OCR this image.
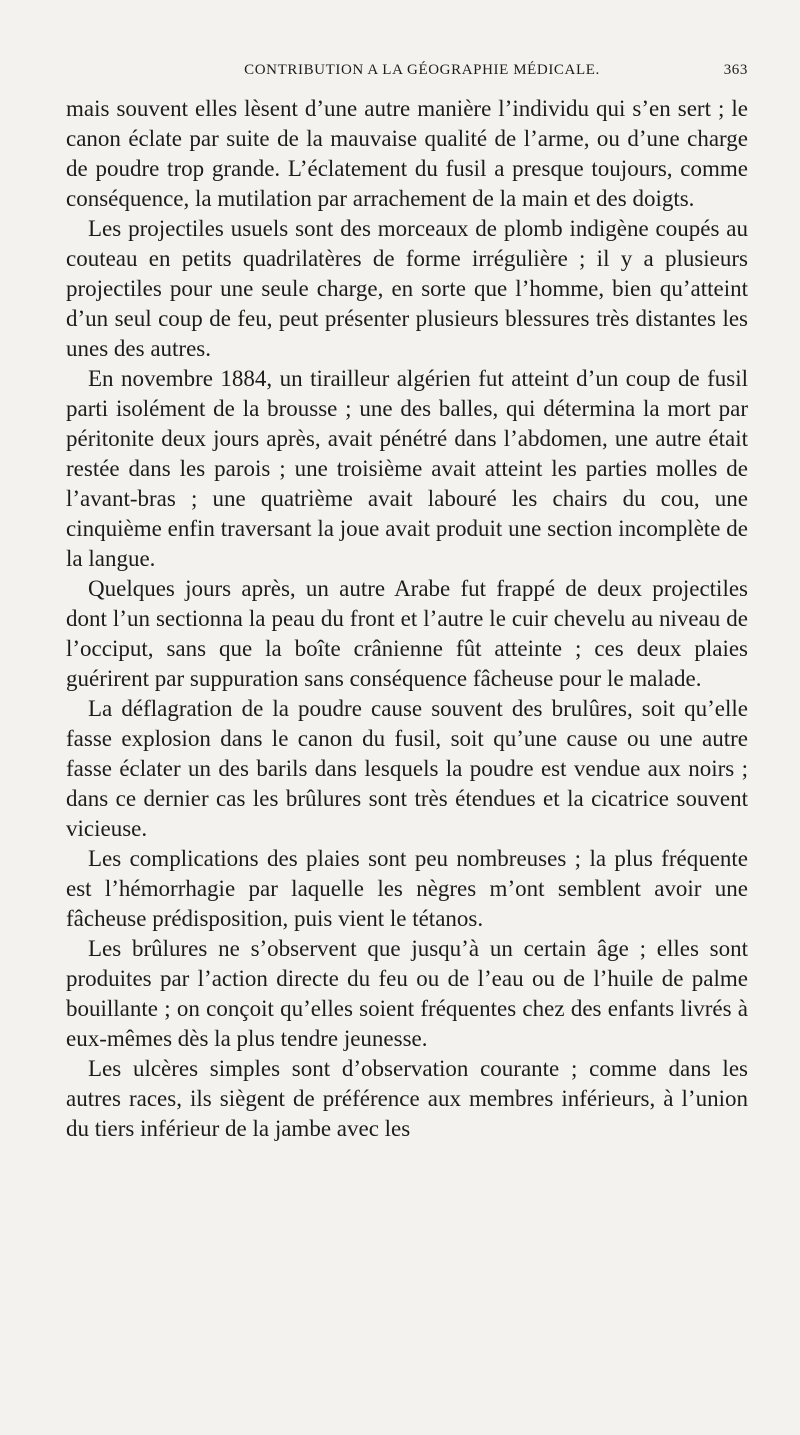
CONTRIBUTION A LA GÉOGRAPHIE MÉDICALE.	363

mais souvent elles lèsent d’une autre manière l’individu qui s’en sert ; le canon éclate par suite de la mauvaise qualité de l’arme, ou d’une charge de poudre trop grande. L’éclatement du fusil a presque toujours, comme conséquence, la mutilation par arrachement de la main et des doigts.

Les projectiles usuels sont des morceaux de plomb indigène coupés au couteau en petits quadrilatères de forme irrégulière ; il y a plusieurs projectiles pour une seule charge, en sorte que l’homme, bien qu’atteint d’un seul coup de feu, peut présenter plusieurs blessures très distantes les unes des autres.

En novembre 1884, un tirailleur algérien fut atteint d’un coup de fusil parti isolément de la brousse ; une des balles, qui détermina la mort par péritonite deux jours après, avait pénétré dans l’abdomen, une autre était restée dans les parois ; une troisième avait atteint les parties molles de l’avant-bras ; une quatrième avait labouré les chairs du cou, une cinquième enfin traversant la joue avait produit une section incomplète de la langue.

Quelques jours après, un autre Arabe fut frappé de deux projectiles dont l’un sectionna la peau du front et l’autre le cuir chevelu au niveau de l’occiput, sans que la boîte crânienne fût atteinte ; ces deux plaies guérirent par suppuration sans conséquence fâcheuse pour le malade.

La déflagration de la poudre cause souvent des brulûres, soit qu’elle fasse explosion dans le canon du fusil, soit qu’une cause ou une autre fasse éclater un des barils dans lesquels la poudre est vendue aux noirs ; dans ce dernier cas les brûlures sont très étendues et la cicatrice souvent vicieuse.

Les complications des plaies sont peu nombreuses ; la plus fréquente est l’hémorrhagie par laquelle les nègres m’ont semblent avoir une fâcheuse prédisposition, puis vient le tétanos.

Les brûlures ne s’observent que jusqu’à un certain âge ; elles sont produites par l’action directe du feu ou de l’eau ou de l’huile de palme bouillante ; on conçoit qu’elles soient fréquentes chez des enfants livrés à eux-mêmes dès la plus tendre jeunesse.

Les ulcères simples sont d’observation courante ; comme dans les autres races, ils siègent de préférence aux membres inférieurs, à l’union du tiers inférieur de la jambe avec les
